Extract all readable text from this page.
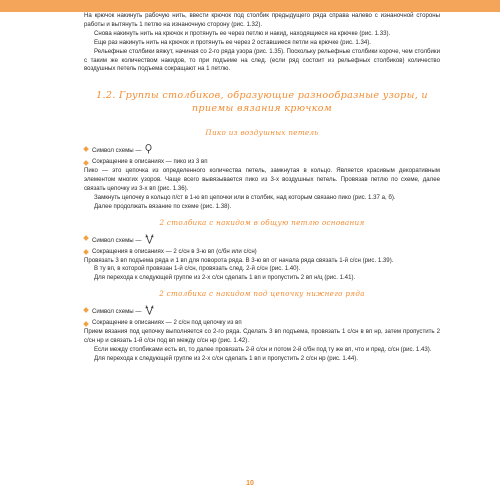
На крючок накинуть рабочую нить, ввести крючок под столбик предыдущего ряда справа налево с изнаночной стороны работы и вытянуть 1 петлю на изнаночную сторону (рис. 1.32).

Снова накинуть нить на крючок и протянуть ее через петлю и накид, находящиеся на крючке (рис. 1.33).

Еще раз накинуть нить на крючок и протянуть ее через 2 оставшиеся петли на крючке (рис. 1.34).

Рельефные столбики вяжут, начиная со 2-го ряда узора (рис. 1.35). Поскольку рельефные столбики короче, чем столбики с таким же количеством накидов, то при подъеме на след. (если ряд состоит из рельефных столбиков) количество воздушных петель подъема сокращают на 1 петлю.

1.2. Группы столбиков, образующие разнообразные узоры, и приемы вязания крючком
Пико из воздушных петель

Символ схемы —

Сокращение в описаниях — пико из 3 вп

Пико — это цепочка из определенного количества петель, замкнутая в кольцо. Является красивым декоративным элементом многих узоров. Чаще всего вывязывается пико из 3-х воздушных петель. Провязав петлю по схеме, далее связать цепочку из 3-х вп (рис. 1.36).

Замкнуть цепочку в кольцо п/ст в 1-ю вп цепочки или в столбик, над которым связано пико (рис. 1.37 а, б).

Далее продолжать вязание по схеме (рис. 1.38).

2 столбика с накидом в общую петлю основания

Символ схемы —

Сокращения в описаниях — 2 с/сн в 3-ю вп (с/бн или с/сн)

Провязать 3 вп подъема ряда и 1 вп для поворота ряда. В 3-ю вп от начала ряда связать 1-й с/сн (рис. 1.39).

В ту вп, в которой провязан 1-й с/сн, провязать след. 2-й с/сн (рис. 1.40).

Для перехода к следующей группе из 2-х с/сн сделать 1 вп и пропустить 2 вп н/ц (рис. 1.41).

2 столбика с накидом под цепочку нижнего ряда

Символ схемы —

Сокращение в описаниях — 2 с/сн под цепочку из вп

Прием вязания под цепочку выполняется со 2-го ряда. Сделать 3 вп подъема, провязать 1 с/сн в вп нр, затем пропустить 2 с/сн нр и связать 1-й с/сн под вп между с/сн нр (рис. 1.42).

Если между столбиками есть вп, то далее провязать 2-й с/сн и потом 2-й с/бн под ту же вп, что и пред. с/сн (рис. 1.43).

Для перехода к следующей группе из 2-х с/сн сделать 1 вп и пропустить 2 с/сн нр (рис. 1.44).

10
